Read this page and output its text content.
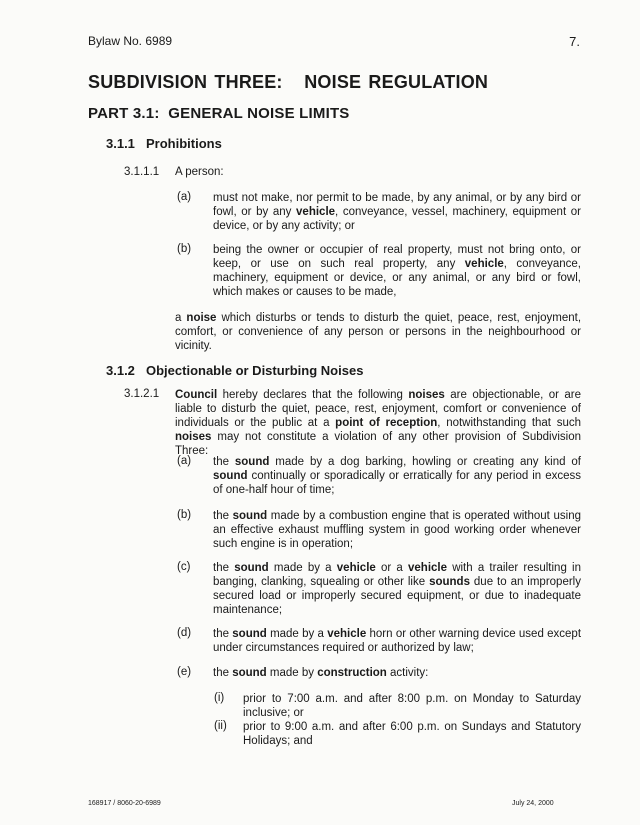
Bylaw No. 6989	7.
SUBDIVISION THREE:   NOISE REGULATION
PART 3.1:  GENERAL NOISE LIMITS
3.1.1 Prohibitions
3.1.1.1 A person:
(a) must not make, nor permit to be made, by any animal, or by any bird or fowl, or by any vehicle, conveyance, vessel, machinery, equipment or device, or by any activity; or
(b) being the owner or occupier of real property, must not bring onto, or keep, or use on such real property, any vehicle, conveyance, machinery, equipment or device, or any animal, or any bird or fowl, which makes or causes to be made,
a noise which disturbs or tends to disturb the quiet, peace, rest, enjoyment, comfort, or convenience of any person or persons in the neighbourhood or vicinity.
3.1.2 Objectionable or Disturbing Noises
3.1.2.1 Council hereby declares that the following noises are objectionable, or are liable to disturb the quiet, peace, rest, enjoyment, comfort or convenience of individuals or the public at a point of reception, notwithstanding that such noises may not constitute a violation of any other provision of Subdivision Three:
(a) the sound made by a dog barking, howling or creating any kind of sound continually or sporadically or erratically for any period in excess of one-half hour of time;
(b) the sound made by a combustion engine that is operated without using an effective exhaust muffling system in good working order whenever such engine is in operation;
(c) the sound made by a vehicle or a vehicle with a trailer resulting in banging, clanking, squealing or other like sounds due to an improperly secured load or improperly secured equipment, or due to inadequate maintenance;
(d) the sound made by a vehicle horn or other warning device used except under circumstances required or authorized by law;
(e) the sound made by construction activity:
(i) prior to 7:00 a.m. and after 8:00 p.m. on Monday to Saturday inclusive; or
(ii) prior to 9:00 a.m. and after 6:00 p.m. on Sundays and Statutory Holidays; and
168917 / 8060-20-6989	July 24, 2000
